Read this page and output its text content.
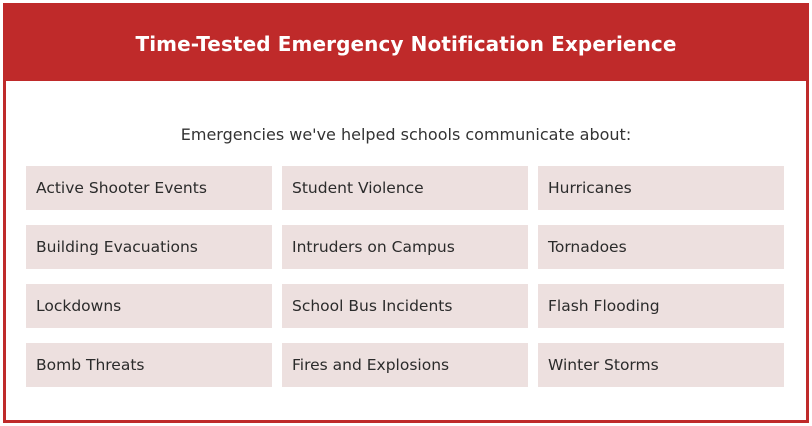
Time-Tested Emergency Notification Experience
Emergencies we've helped schools communicate about:
Active Shooter Events	Student Violence	Hurricanes
Building Evacuations	Intruders on Campus	Tornadoes
Lockdowns	School Bus Incidents	Flash Flooding
Bomb Threats	Fires and Explosions	Winter Storms
